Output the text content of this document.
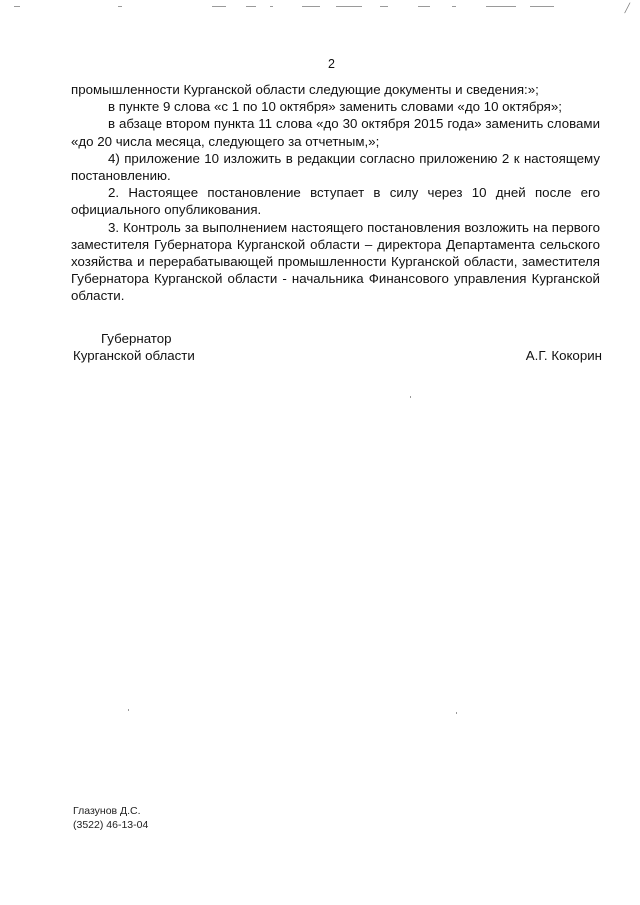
╱
2

промышленности Курганской области следующие документы и сведения:»;

в пункте 9 слова «с 1 по 10 октября» заменить словами «до 10 октября»;

в абзаце втором пункта 11 слова «до 30 октября 2015 года» заменить словами «до 20 числа месяца, следующего за отчетным,»;

4) приложение 10 изложить в редакции согласно приложению 2 к настоящему постановлению.

2. Настоящее постановление вступает в силу через 10 дней после его официального опубликования.

3. Контроль за выполнением настоящего постановления возложить на первого заместителя Губернатора Курганской области – директора Департамента сельского хозяйства и перерабатывающей промышленности Курганской области, заместителя Губернатора Курганской области - начальника Финансового управления Курганской области.

Губернатор
Курганской области	А.Г. Кокорин
Глазунов Д.С.
(3522) 46-13-04
